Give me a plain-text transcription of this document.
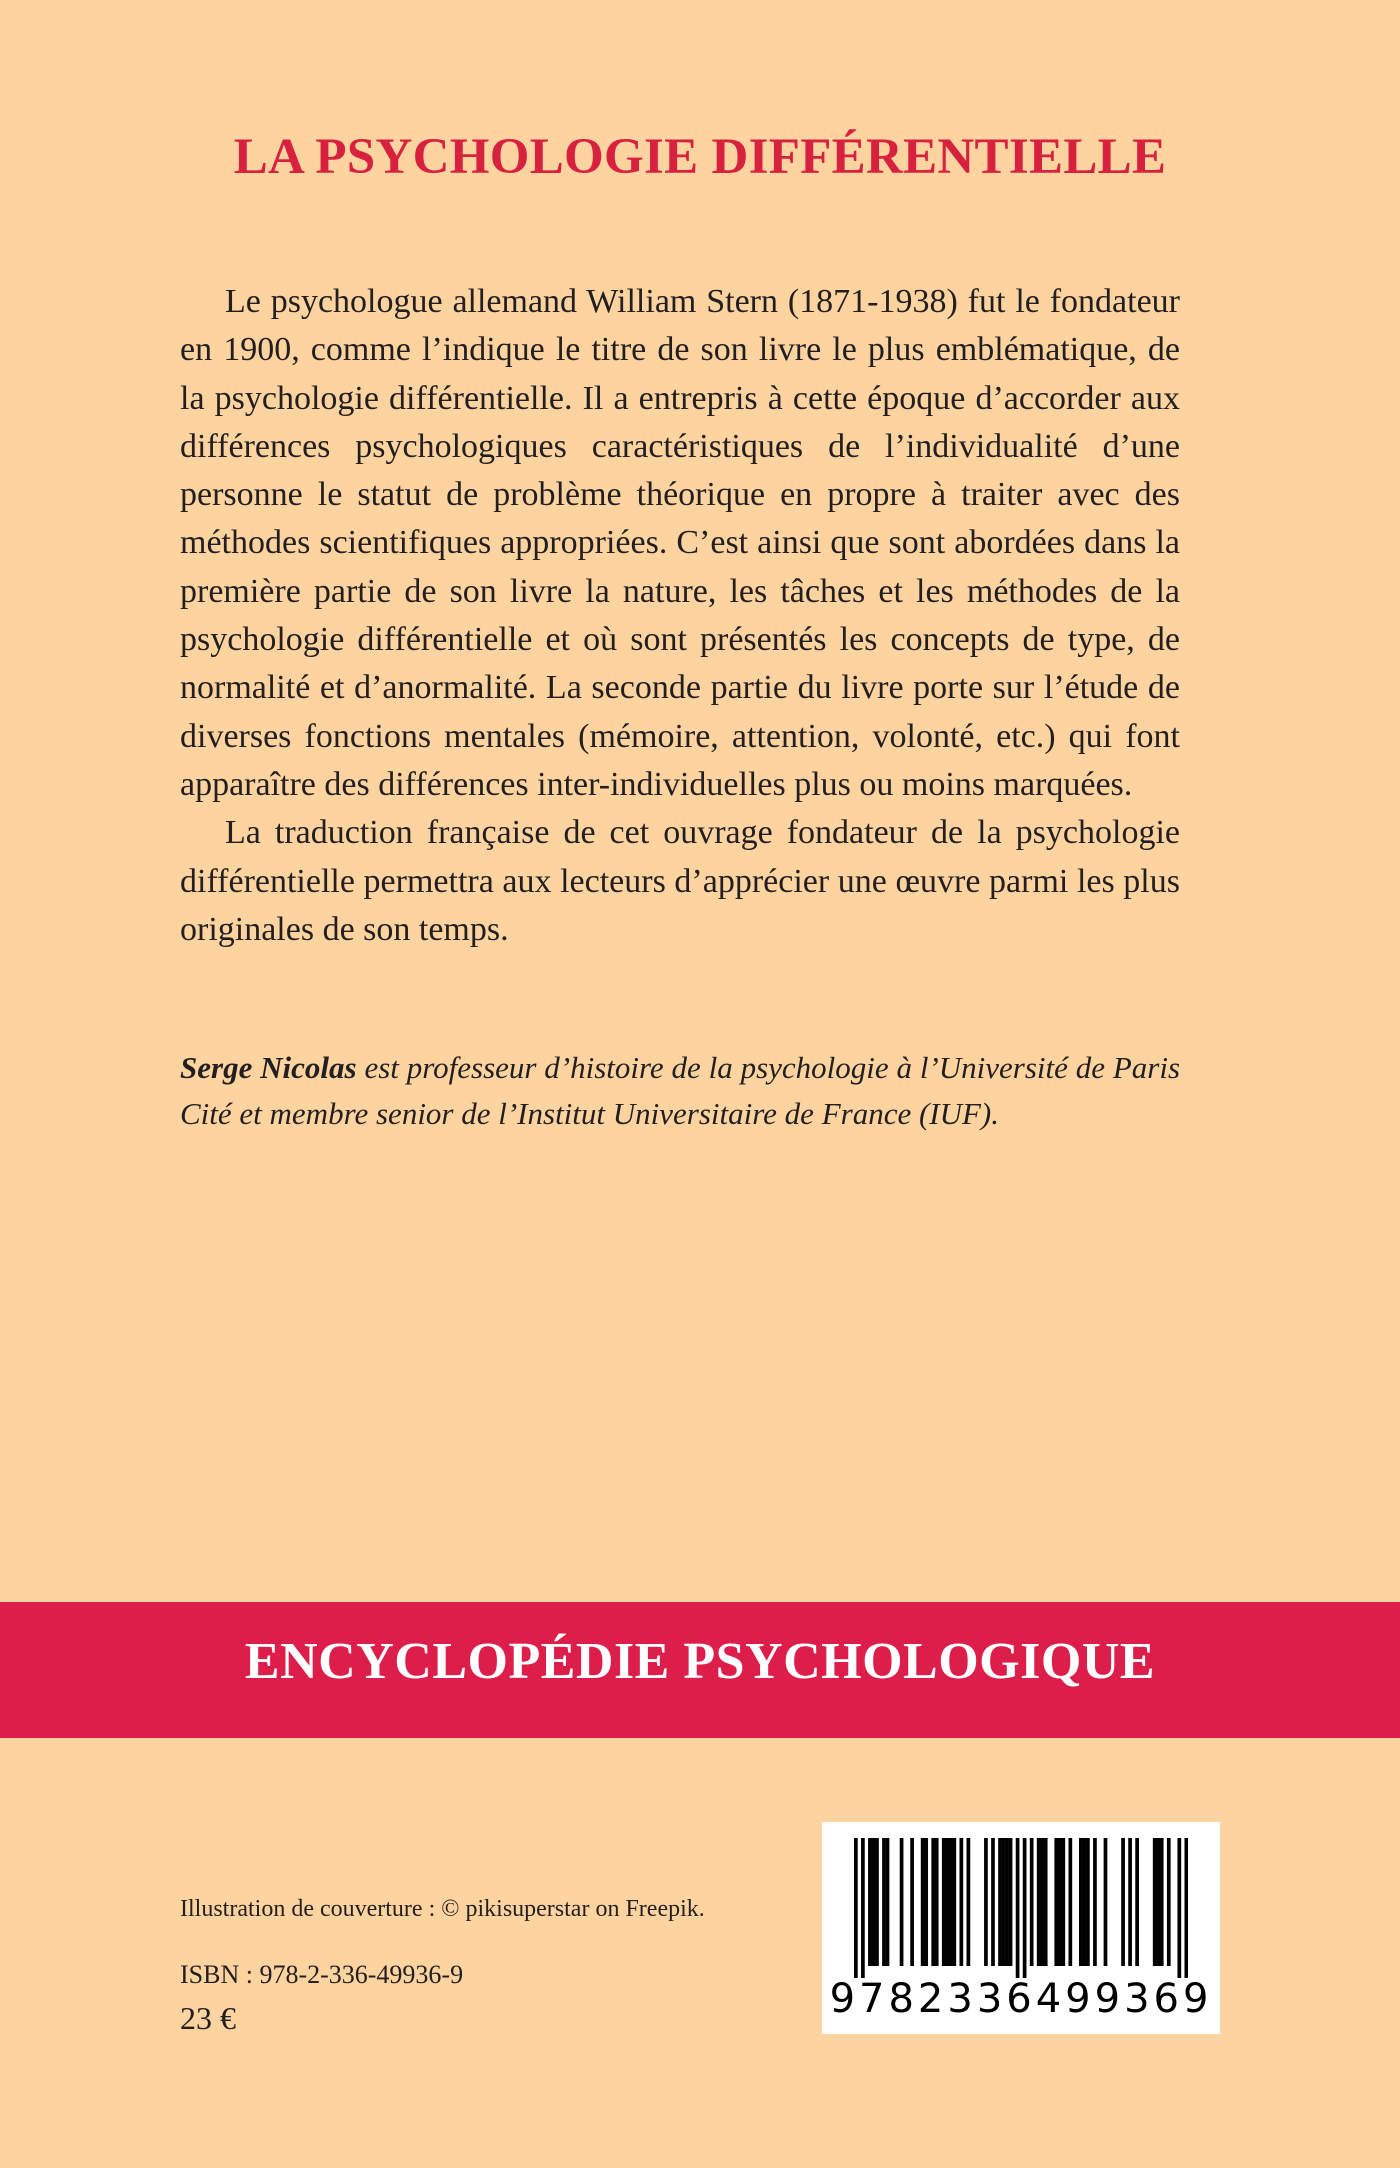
LA PSYCHOLOGIE DIFFÉRENTIELLE

Le psychologue allemand William Stern (1871-1938) fut le fondateur en 1900, comme l’indique le titre de son livre le plus emblématique, de la psychologie différentielle. Il a entrepris à cette époque d’accorder aux différences psychologiques caractéristiques de l’individualité d’une personne le statut de problème théorique en propre à traiter avec des méthodes scientifiques appropriées. C’est ainsi que sont abordées dans la première partie de son livre la nature, les tâches et les méthodes de la psychologie différentielle et où sont présentés les concepts de type, de normalité et d’anormalité. La seconde partie du livre porte sur l’étude de diverses fonctions mentales (mémoire, attention, volonté, etc.) qui font apparaître des différences inter-individuelles plus ou moins marquées.

La traduction française de cet ouvrage fondateur de la psychologie différentielle permettra aux lecteurs d’apprécier une œuvre parmi les plus originales de son temps.

Serge Nicolas est professeur d’histoire de la psychologie à l’Université de Paris Cité et membre senior de l’Institut Universitaire de France (IUF).
ENCYCLOPÉDIE PSYCHOLOGIQUE
Illustration de couverture : © pikisuperstar on Freepik.
ISBN : 978-2-336-49936-9
23 €	9782336499369
